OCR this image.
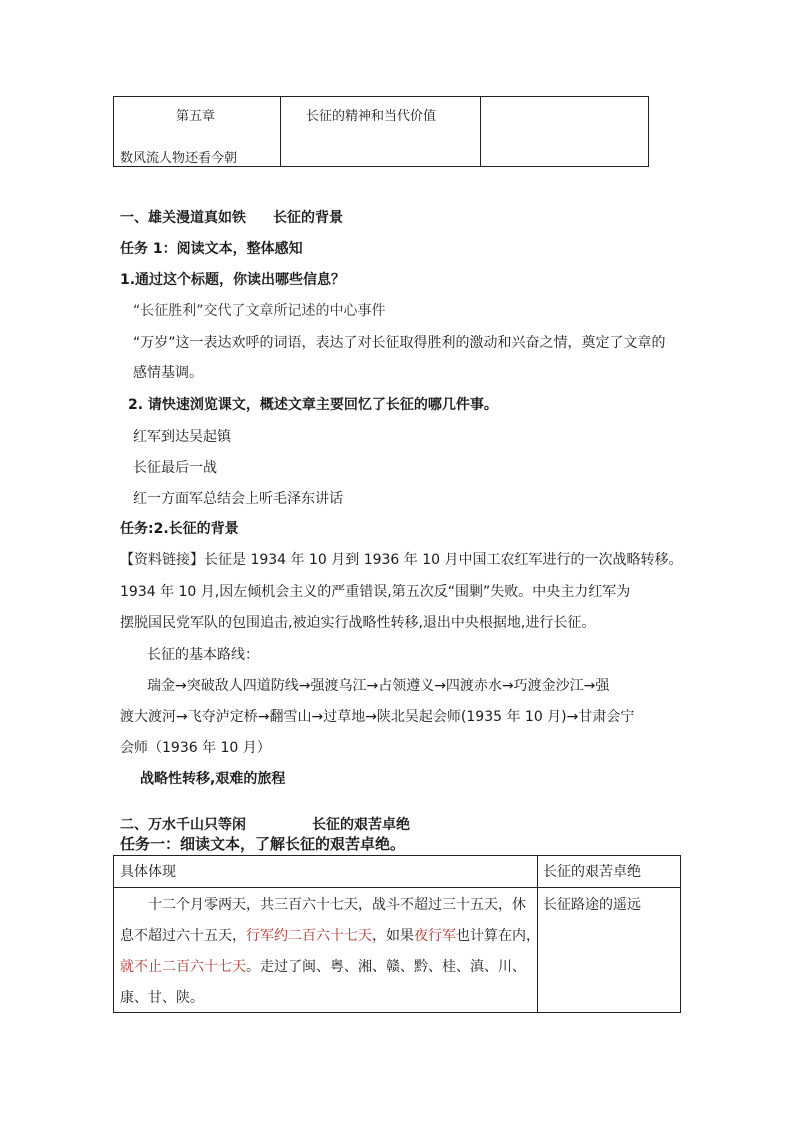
第五章
数风流人物还看今朝
长征的精神和当代价值
一、雄关漫道真如铁 长征的背景
任务 1：阅读文本，整体感知
1.通过这个标题，你读出哪些信息？
“长征胜利”交代了文章所记述的中心事件
“万岁”这一表达欢呼的词语，表达了对长征取得胜利的激动和兴奋之情，奠定了文章的
感情基调。
2. 请快速浏览课文，概述文章主要回忆了长征的哪几件事。
红军到达吴起镇
长征最后一战
红一方面军总结会上听毛泽东讲话
任务:2.长征的背景
【资料链接】长征是 1934 年 10 月到 1936 年 10 月中国工农红军进行的一次战略转移。
1934 年 10 月,因左倾机会主义的严重错误,第五次反“围剿”失败。中央主力红军为
摆脱国民党军队的包围追击,被迫实行战略性转移,退出中央根据地,进行长征。
长征的基本路线：
瑞金→突破敌人四道防线→强渡乌江→占领遵义→四渡赤水→巧渡金沙江→强
渡大渡河→飞夺泸定桥→翻雪山→过草地→陕北吴起会师(1935 年 10 月)→甘肃会宁
会师（1936 年 10 月）
战略性转移,艰难的旅程
二、万水千山只等闲	长征的艰苦卓绝
任务一：细读文本，了解长征的艰苦卓绝。
具体体现	长征的艰苦卓绝
十二个月零两天，共三百六十七天，战斗不超过三十五天，休
息不超过六十五天，行军约二百六十七天，如果夜行军也计算在内，
就不止二百六十七天。走过了闽、粤、湘、赣、黔、桂、滇、川、
康、甘、陕。
长征路途的遥远
